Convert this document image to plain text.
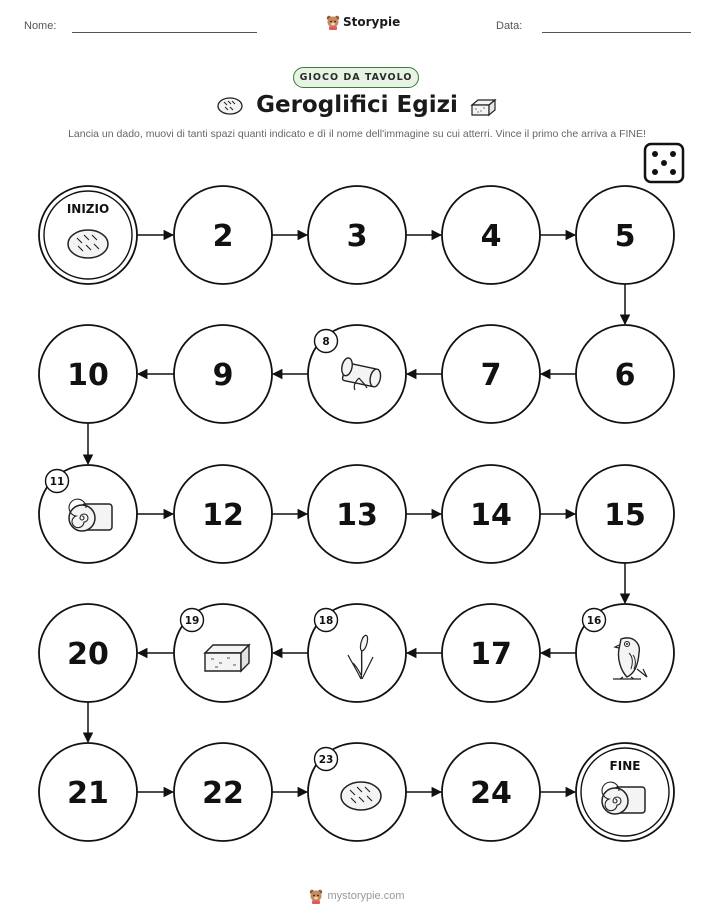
Nome:	Storypie	Data:
GIOCO DA TAVOLO
Geroglifici Egizi
Lancia un dado, muovi di tanti spazi quanti indicato e dì il nome dell'immagine su cui atterri. Vince il primo che arriva a FINE!
INIZIO
2	3	4	5
6
7
8
9
10
11
12	13	14	15
16
17
18
19
20
21	22
23
24
FINE
mystorypie.com
